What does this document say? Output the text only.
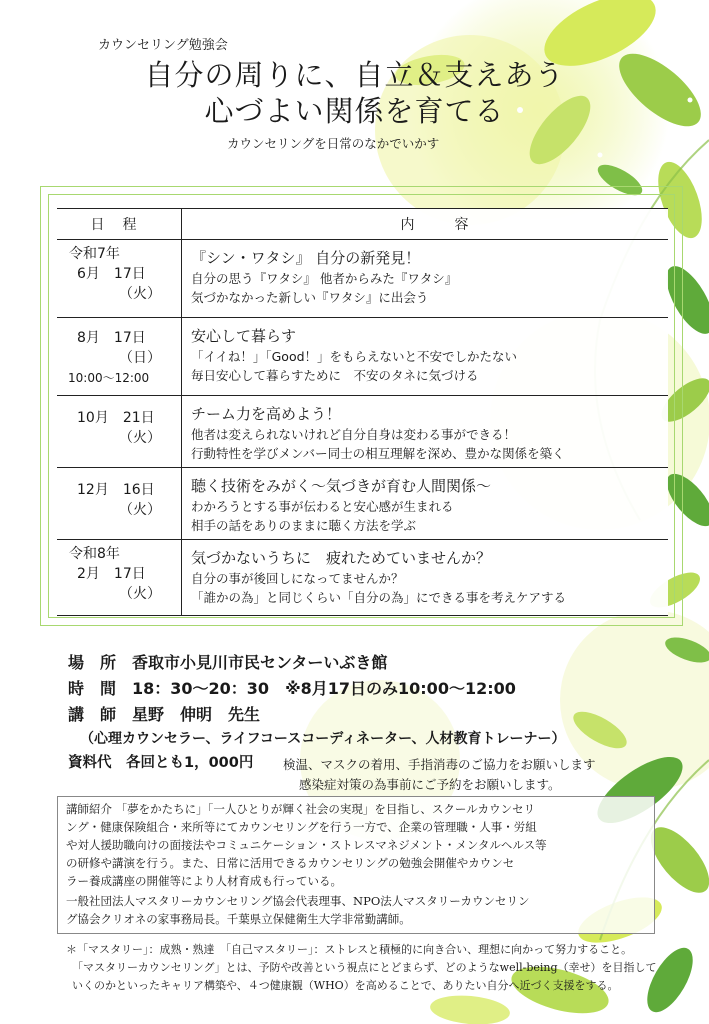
カウンセリング勉強会
自分の周りに、自立＆支えあう
心づよい関係を育てる
カウンセリングを日常のなかでいかす
日程	内容

令和7年
6月　17日
（火）	『シン・ワタシ』 自分の新発見！
自分の思う『ワタシ』 他者からみた『ワタシ』
気づかなかった新しい『ワタシ』に出会う

8月　17日
（日）
10:00～12:00	安心して暮らす
「イイね！」「Good！」をもらえないと不安でしかたない
毎日安心して暮らすために　不安のタネに気づける

10月　21日
（火）	チーム力を高めよう！
他者は変えられないけれど自分自身は変わる事ができる！
行動特性を学びメンバー同士の相互理解を深め、豊かな関係を築く

12月　16日
（火）	聴く技術をみがく～気づきが育む人間関係～
わかろうとする事が伝わると安心感が生まれる
相手の話をありのままに聴く方法を学ぶ

令和8年
2月　17日
（火）	気づかないうちに　疲れためていませんか？
自分の事が後回しになってませんか？
「誰かの為」と同じくらい「自分の為」にできる事を考えケアする
場　所　香取市小見川市民センターいぶき館
時　間　18：30～20：30　※8月17日のみ10:00～12:00
講　師　星野　伸明　先生
（心理カウンセラー、ライフコースコーディネーター、人材教育トレーナー）
資料代　各回とも1，000円 検温、マスクの着用、手指消毒のご協力をお願いします
感染症対策の為事前にご予約をお願いします。
講師紹介 「夢をかたちに」「一人ひとりが輝く社会の実現」を目指し、スクールカウンセリ
ング・健康保険組合・来所等にてカウンセリングを行う一方で、企業の管理職・人事・労組
や対人援助職向けの面接法やコミュニケーション・ストレスマネジメント・メンタルヘルス等
の研修や講演を行う。また、日常に活用できるカウンセリングの勉強会開催やカウンセ
ラー養成講座の開催等により人材育成も行っている。
一般社団法人マスタリーカウンセリング協会代表理事、NPO法人マスタリーカウンセリン
グ協会クリオネの家事務局長。千葉県立保健衛生大学非常勤講師。
＊「マスタリー」：成熟・熟達　「自己マスタリー」：ストレスと積極的に向き合い、理想に向かって努力すること。
「マスタリーカウンセリング」とは、予防や改善という視点にとどまらず、どのようなwell-being（幸せ）を目指して
いくのかといったキャリア構築や、４つ健康観（WHO）を高めることで、ありたい自分へ近づく支援をする。
